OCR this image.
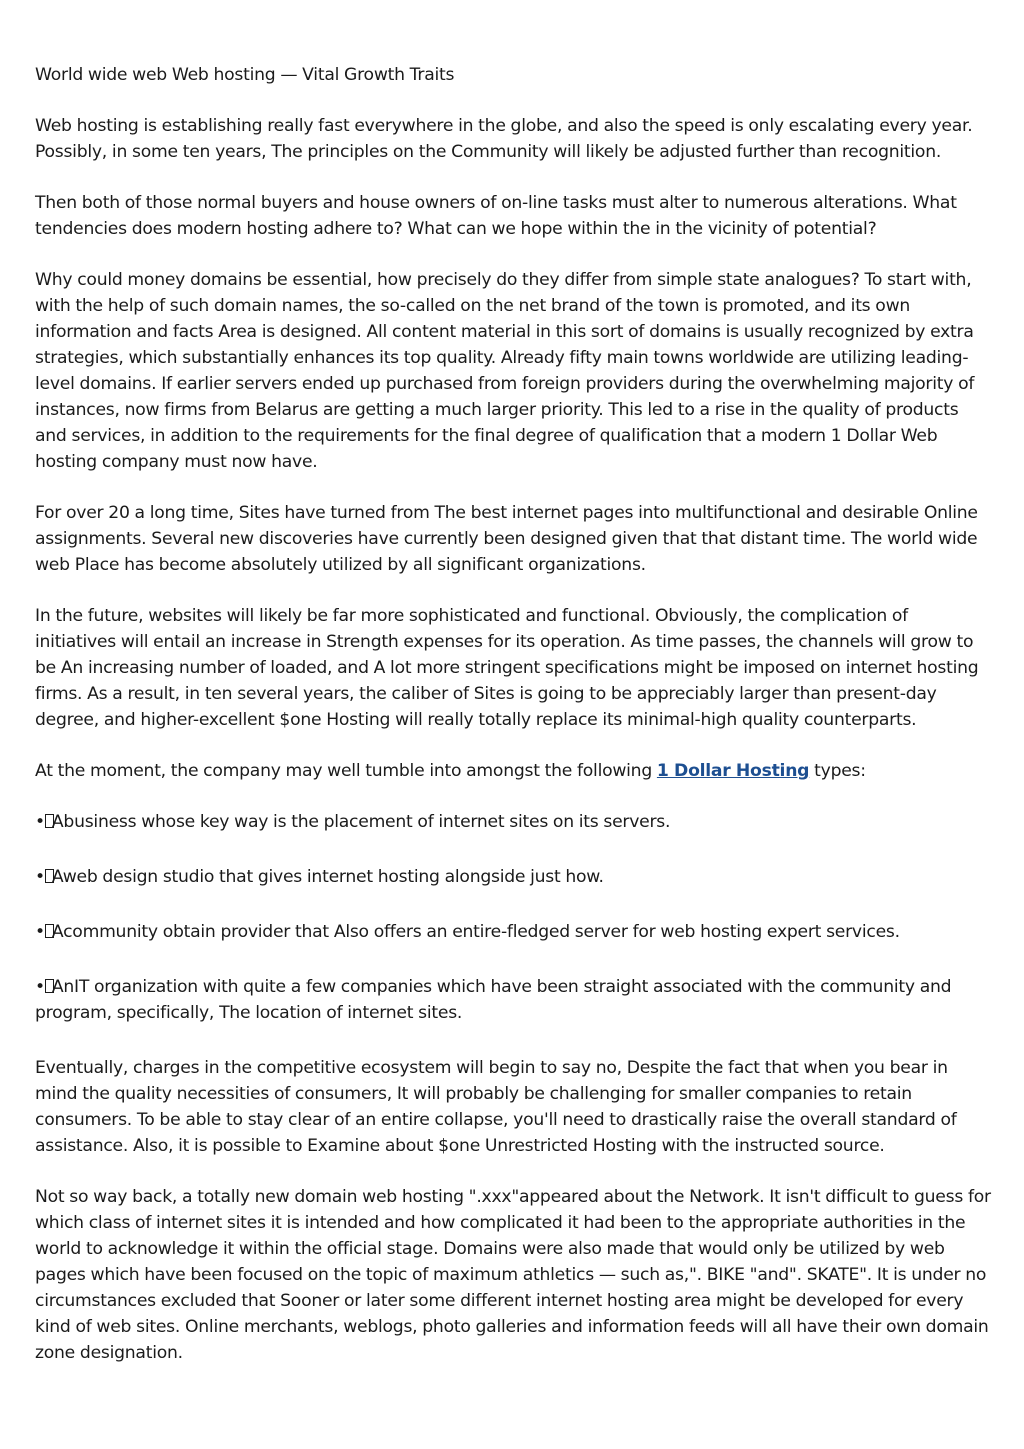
World wide web Web hosting — Vital Growth Traits

Web hosting is establishing really fast everywhere in the globe, and also the speed is only escalating every year. Possibly, in some ten years, The principles on the Community will likely be adjusted further than recognition.

Then both of those normal buyers and house owners of on-line tasks must alter to numerous alterations. What tendencies does modern hosting adhere to? What can we hope within the in the vicinity of potential?

Why could money domains be essential, how precisely do they differ from simple state analogues? To start with, with the help of such domain names, the so-called on the net brand of the town is promoted, and its own information and facts Area is designed. All content material in this sort of domains is usually recognized by extra strategies, which substantially enhances its top quality. Already fifty main towns worldwide are utilizing leading-level domains. If earlier servers ended up purchased from foreign providers during the overwhelming majority of instances, now firms from Belarus are getting a much larger priority. This led to a rise in the quality of products and services, in addition to the requirements for the final degree of qualification that a modern 1 Dollar Web hosting company must now have.

For over 20 a long time, Sites have turned from The best internet pages into multifunctional and desirable Online assignments. Several new discoveries have currently been designed given that that distant time. The world wide web Place has become absolutely utilized by all significant organizations.

In the future, websites will likely be far more sophisticated and functional. Obviously, the complication of initiatives will entail an increase in Strength expenses for its operation. As time passes, the channels will grow to be An increasing number of loaded, and A lot more stringent specifications might be imposed on internet hosting firms. As a result, in ten several years, the caliber of Sites is going to be appreciably larger than present-day degree, and higher-excellent $one Hosting will really totally replace its minimal-high quality counterparts.

At the moment, the company may well tumble into amongst the following 1 Dollar Hosting types:

• Abusiness whose key way is the placement of internet sites on its servers.

• Aweb design studio that gives internet hosting alongside just how.

• Acommunity obtain provider that Also offers an entire-fledged server for web hosting expert services.

• AnIT organization with quite a few companies which have been straight associated with the community and program, specifically, The location of internet sites.

Eventually, charges in the competitive ecosystem will begin to say no, Despite the fact that when you bear in mind the quality necessities of consumers, It will probably be challenging for smaller companies to retain consumers. To be able to stay clear of an entire collapse, you'll need to drastically raise the overall standard of assistance. Also, it is possible to Examine about $one Unrestricted Hosting with the instructed source.

Not so way back, a totally new domain web hosting ".xxx"appeared about the Network. It isn't difficult to guess for which class of internet sites it is intended and how complicated it had been to the appropriate authorities in the world to acknowledge it within the official stage. Domains were also made that would only be utilized by web pages which have been focused on the topic of maximum athletics — such as,". BIKE "and". SKATE". It is under no circumstances excluded that Sooner or later some different internet hosting area might be developed for every kind of web sites. Online merchants, weblogs, photo galleries and information feeds will all have their own domain zone designation.
